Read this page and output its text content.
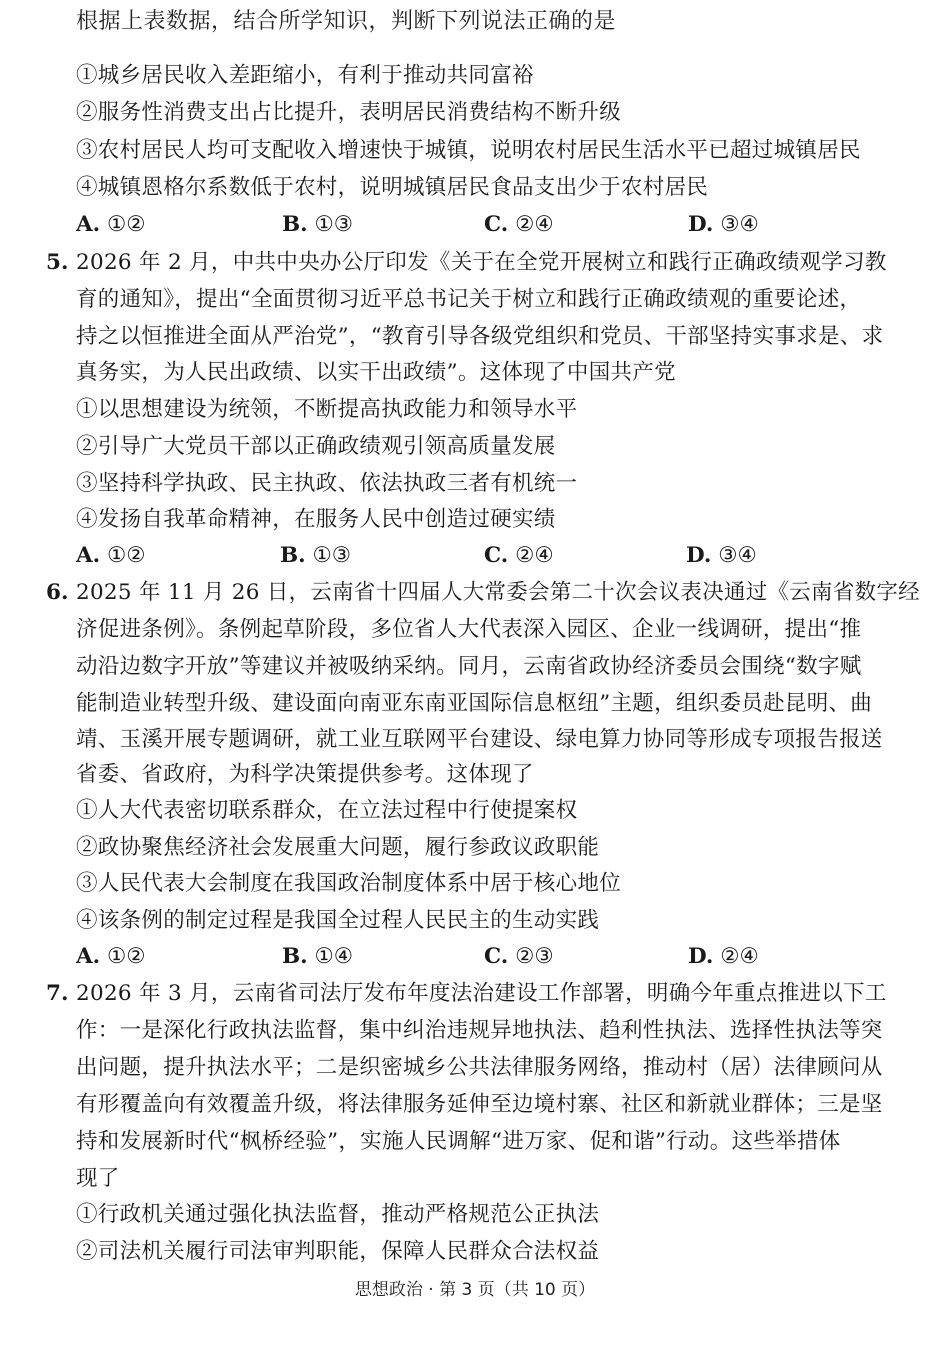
根据上表数据，结合所学知识，判断下列说法正确的是
①城乡居民收入差距缩小，有利于推动共同富裕
②服务性消费支出占比提升，表明居民消费结构不断升级
③农村居民人均可支配收入增速快于城镇，说明农村居民生活水平已超过城镇居民
④城镇恩格尔系数低于农村，说明城镇居民食品支出少于农村居民
A. ①②	B. ①③	C. ②④	D. ③④
5. 2026 年 2 月，中共中央办公厅印发《关于在全党开展树立和践行正确政绩观学习教
育的通知》，提出“全面贯彻习近平总书记关于树立和践行正确政绩观的重要论述，
持之以恒推进全面从严治党”，“教育引导各级党组织和党员、干部坚持实事求是、求
真务实，为人民出政绩、以实干出政绩”。这体现了中国共产党
①以思想建设为统领，不断提高执政能力和领导水平
②引导广大党员干部以正确政绩观引领高质量发展
③坚持科学执政、民主执政、依法执政三者有机统一
④发扬自我革命精神，在服务人民中创造过硬实绩
A. ①②	B. ①③	C. ②④	D. ③④
6. 2025 年 11 月 26 日，云南省十四届人大常委会第二十次会议表决通过《云南省数字经
济促进条例》。条例起草阶段，多位省人大代表深入园区、企业一线调研，提出“推
动沿边数字开放”等建议并被吸纳采纳。同月，云南省政协经济委员会围绕“数字赋
能制造业转型升级、建设面向南亚东南亚国际信息枢纽”主题，组织委员赴昆明、曲
靖、玉溪开展专题调研，就工业互联网平台建设、绿电算力协同等形成专项报告报送
省委、省政府，为科学决策提供参考。这体现了
①人大代表密切联系群众，在立法过程中行使提案权
②政协聚焦经济社会发展重大问题，履行参政议政职能
③人民代表大会制度在我国政治制度体系中居于核心地位
④该条例的制定过程是我国全过程人民民主的生动实践
A. ①②	B. ①④	C. ②③	D. ②④
7. 2026 年 3 月，云南省司法厅发布年度法治建设工作部署，明确今年重点推进以下工
作：一是深化行政执法监督，集中纠治违规异地执法、趋利性执法、选择性执法等突
出问题，提升执法水平；二是织密城乡公共法律服务网络，推动村（居）法律顾问从
有形覆盖向有效覆盖升级，将法律服务延伸至边境村寨、社区和新就业群体；三是坚
持和发展新时代“枫桥经验”，实施人民调解“进万家、促和谐”行动。这些举措体
现了
①行政机关通过强化执法监督，推动严格规范公正执法
②司法机关履行司法审判职能，保障人民群众合法权益
思想政治 · 第 3 页（共 10 页）
